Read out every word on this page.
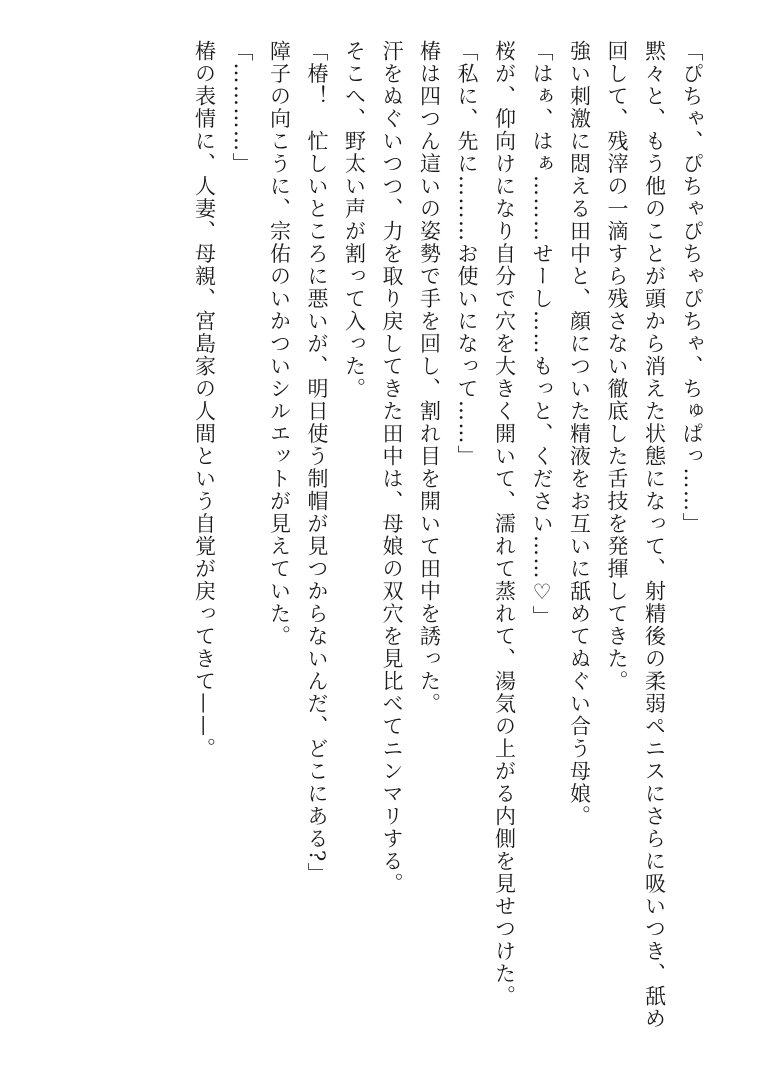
「ぴちゃ、ぴちゃぴちゃぴちゃ、ちゅぱっ……」

黙々と、もう他のことが頭から消えた状態になって、射精後の柔弱ペニスにさらに吸いつき、舐め回して、残滓の一滴すら残さない徹底した舌技を発揮してきた。

強い刺激に悶える田中と、顔についた精液をお互いに舐めてぬぐい合う母娘。

「はぁ、はぁ………せーし……もっと、ください……♡」

桜が、仰向けになり自分で穴を大きく開いて、濡れて蒸れて、湯気の上がる内側を見せつけた。

「私に、先に………お使いになって……」

椿は四つん這いの姿勢で手を回し、割れ目を開いて田中を誘った。

汗をぬぐいつつ、力を取り戻してきた田中は、母娘の双穴を見比べてニンマリする。

そこへ、野太い声が割って入った。

「椿！　忙しいところに悪いが、明日使う制帽が見つからないんだ、どこにある?」

障子の向こうに、宗佑のいかついシルエットが見えていた。

「…………」

椿の表情に、人妻、母親、宮島家の人間という自覚が戻ってきて——。
